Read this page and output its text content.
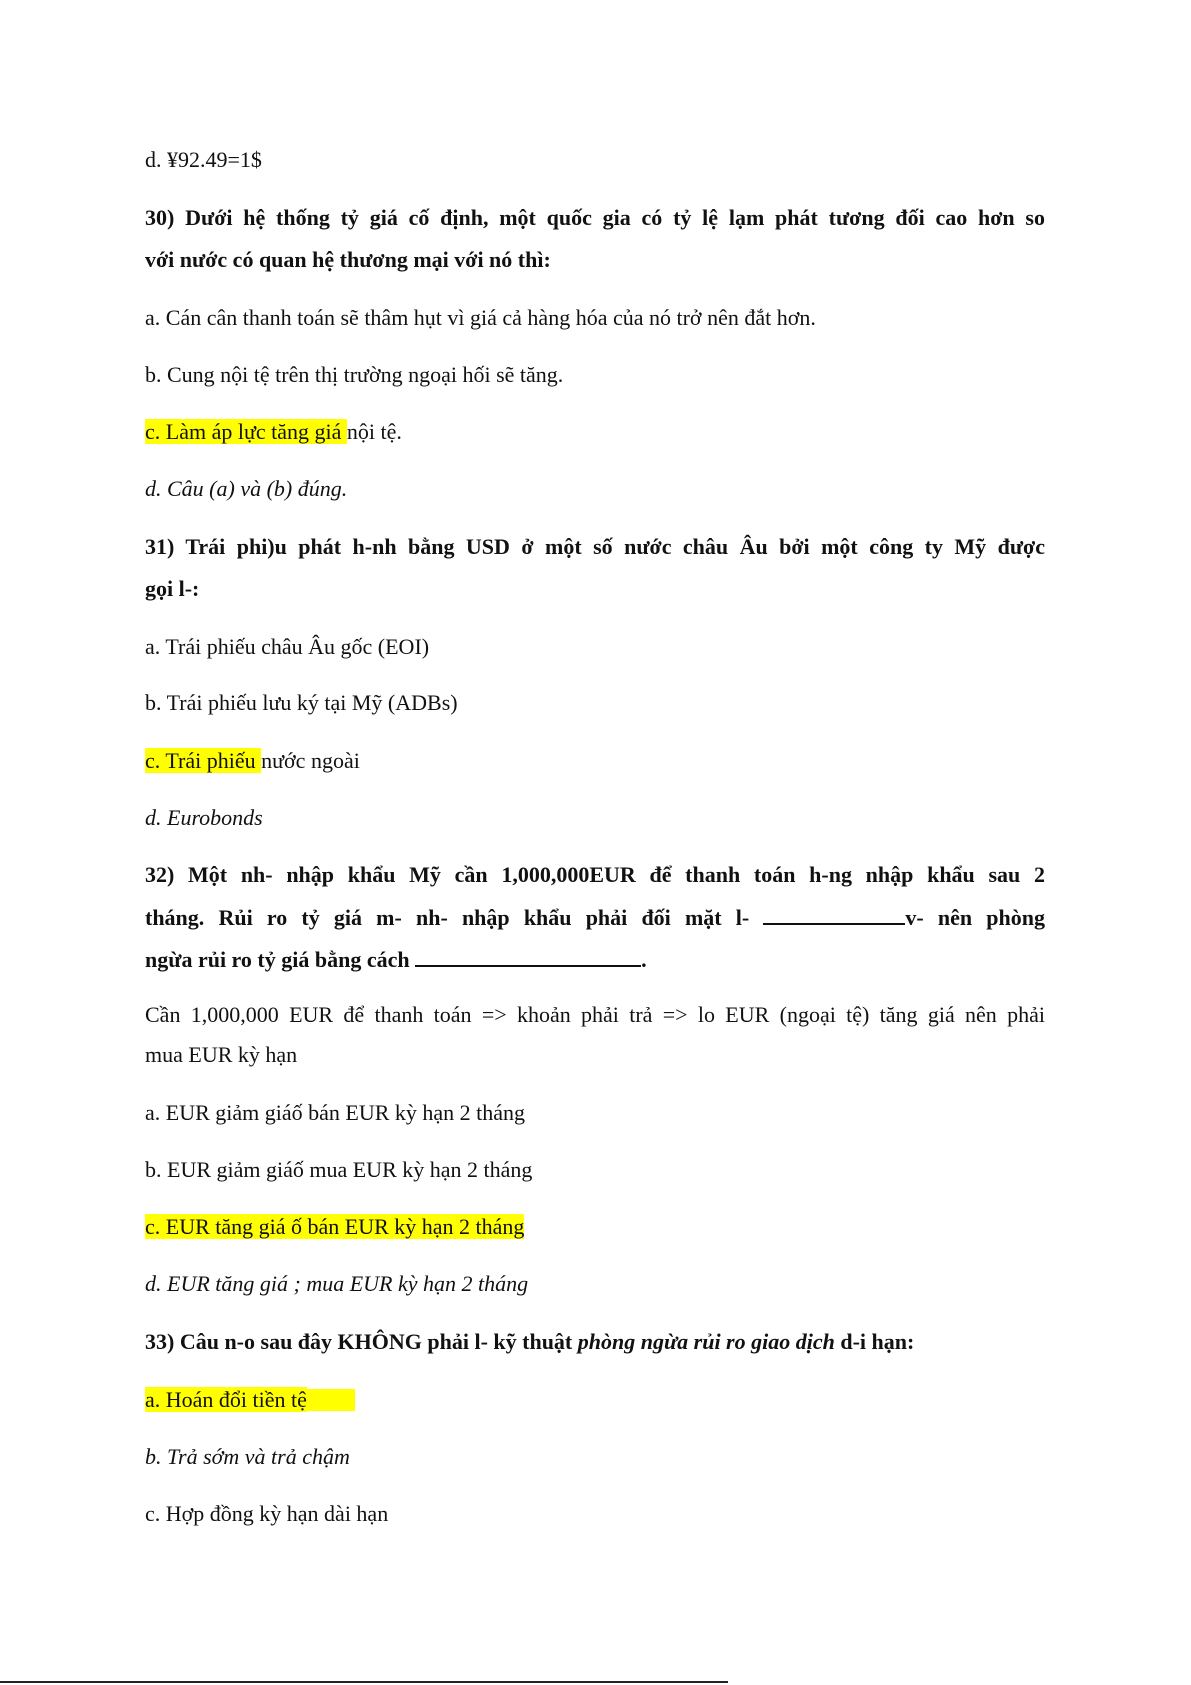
d. ¥92.49=1$
30) Dưới hệ thống tỷ giá cố định, một quốc gia có tỷ lệ lạm phát tương đối cao hơn so
với nước có quan hệ thương mại với nó thì:
a. Cán cân thanh toán sẽ thâm hụt vì giá cả hàng hóa của nó trở nên đắt hơn.
b. Cung nội tệ trên thị trường ngoại hối sẽ tăng.
c. Làm áp lực tăng giá nội tệ.
d. Câu (a) và (b) đúng.
31) Trái phi)u phát h-nh bằng USD ở một số nước châu Âu bởi một công ty Mỹ được
gọi l-:
a. Trái phiếu châu Âu gốc (EOI)
b. Trái phiếu lưu ký tại Mỹ (ADBs)
c. Trái phiếu nước ngoài
d. Eurobonds
32) Một nh- nhập khẩu Mỹ cần 1,000,000EUR để thanh toán h-ng nhập khẩu sau 2
tháng. Rủi ro tỷ giá m- nh- nhập khẩu phải đối mặt l-	v- nên phòng
ngừa rủi ro tỷ giá bằng cách	.
Cần 1,000,000 EUR để thanh toán => khoản phải trả => lo EUR (ngoại tệ) tăng giá nên phải
mua EUR kỳ hạn
a. EUR giảm giáố bán EUR kỳ hạn 2 tháng
b. EUR giảm giáố mua EUR kỳ hạn 2 tháng
c. EUR tăng giá ố bán EUR kỳ hạn 2 tháng
d. EUR tăng giá ; mua EUR kỳ hạn 2 tháng
33) Câu n-o sau đây KHÔNG phải l- kỹ thuật phòng ngừa rủi ro giao dịch d-i hạn:
a. Hoán đổi tiền tệ
b. Trả sớm và trả chậm
c. Hợp đồng kỳ hạn dài hạn
